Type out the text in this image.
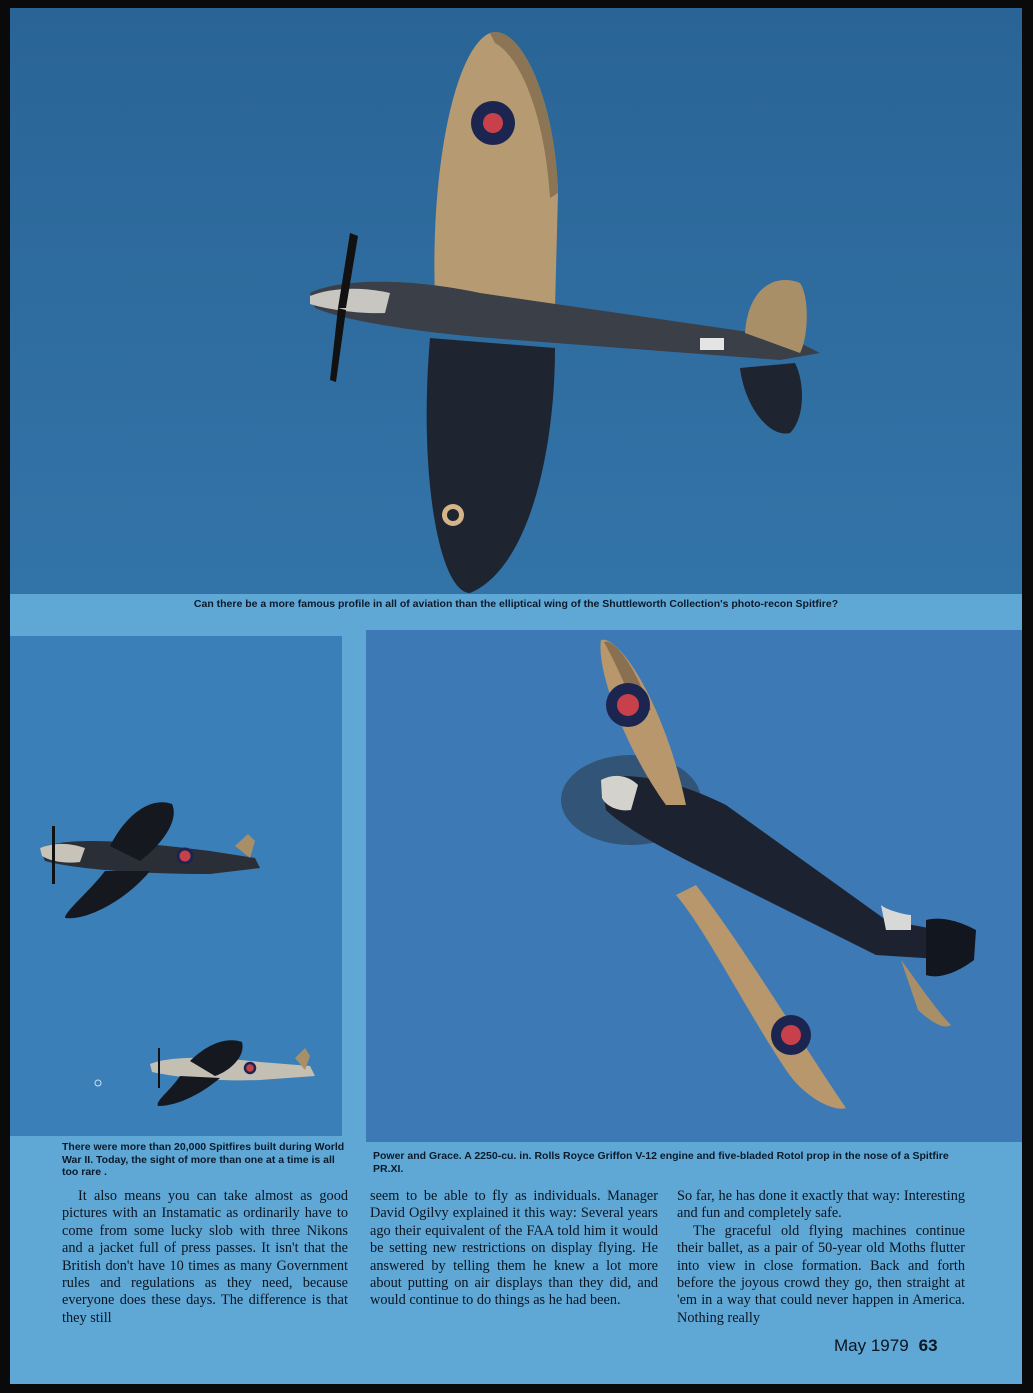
Can there be a more famous profile in all of aviation than the elliptical wing of the Shuttleworth Collection's photo-recon Spitfire?
There were more than 20,000 Spitfires built during World War II. Today, the sight of more than one at a time is all too rare .
Power and Grace. A 2250-cu. in. Rolls Royce Griffon V-12 engine and five-bladed Rotol prop in the nose of a Spitfire PR.XI.

It also means you can take almost as good pictures with an Instamatic as ordinarily have to come from some lucky slob with three Nikons and a jacket full of press passes. It isn't that the British don't have 10 times as many Government rules and regulations as they need, because everyone does these days. The difference is that they still

seem to be able to fly as individuals. Manager David Ogilvy explained it this way: Several years ago their equivalent of the FAA told him it would be setting new restrictions on display flying. He answered by telling them he knew a lot more about putting on air displays than they did, and would continue to do things as he had been.

So far, he has done it exactly that way: Interesting and fun and completely safe.

The graceful old flying machines continue their ballet, as a pair of 50-year old Moths flutter into view in close formation. Back and forth before the joyous crowd they go, then straight at 'em in a way that could never happen in America. Nothing really

May 1979 63
